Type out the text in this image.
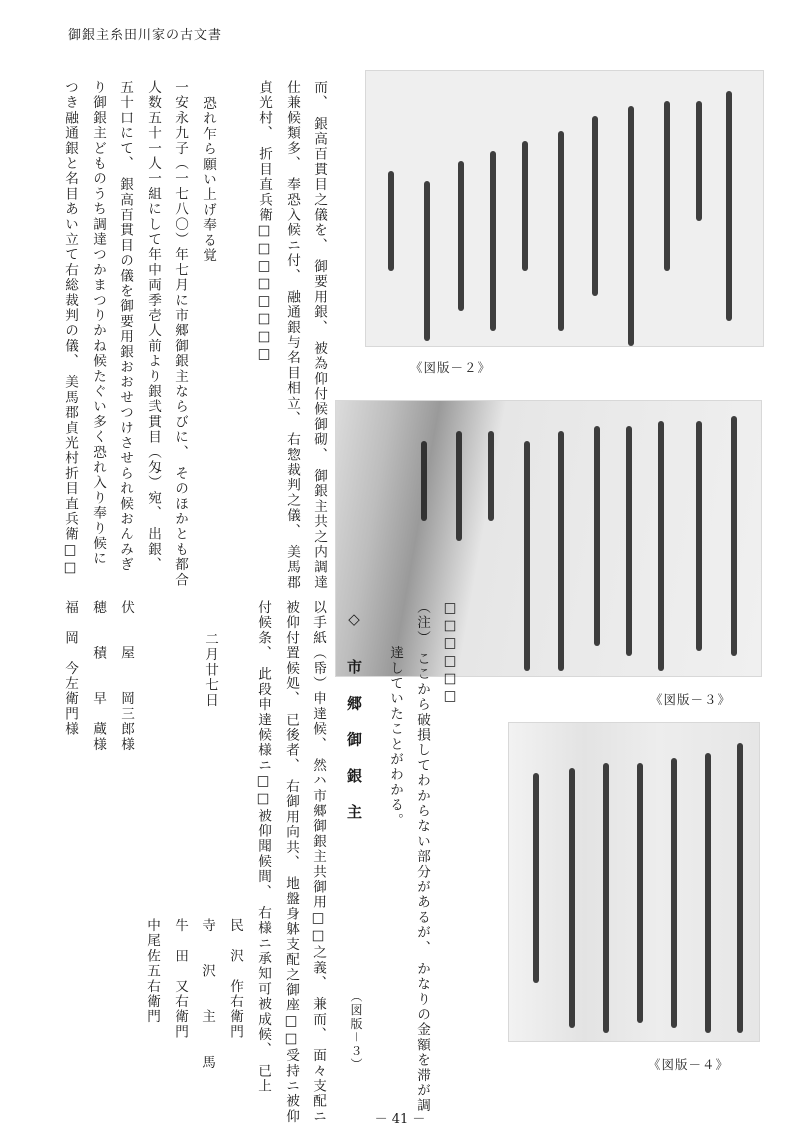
御銀主糸田川家の古文書
《図版－２》
《図版－３》
《図版－４》
而、 銀高百貫目之儀を、 御要用銀、 被為仰付候御砌、 御銀主共之内調達
仕兼候類多、 奉恐入候ニ付、 融通銀与名目相立、 右惣裁判之儀、 美馬郡
貞光村、 折目直兵衛□□□□□□□□
恐れ乍ら願い上げ奉る覚
一安永九子（一七八〇）年七月に市郷御銀主ならびに、 そのほかとも都合
人数五十一人一組にして年中両季壱人前より銀弐貫目（匁）宛、 出銀、
五十口にて、 銀高百貫目の儀を御要用銀おおせつけさせられ候おんみぎ
り御銀主どものうち調達つかまつりかね候たぐい多く恐れ入り奉り候に
つき融通銀と名目あい立て右総裁判の儀、 美馬郡貞光村折目直兵衛□□
二月廿七日
伏　　屋　　岡三郎様
穂　　積　　早　蔵様
福　岡　今左衛門様	□□□□□□
（注） ここから破損してわからない部分があるが、 かなりの金額を滞が調
　　　達していたことがわかる。
◇　市 郷 御 銀 主
（図版－３）
以手紙（帋）申達候、 然ハ市郷御銀主共御用□□之義、 兼而、 面々支配ニ
被仰付置候処、 已後者、 右御用向共、 地盤身躰支配之御座□□受持ニ被仰
付候条、 此段申達候様ニ□□被仰聞候間、 右様ニ承知可被成候、 已上
民　沢　作右衛門
寺　　沢　　主　　馬
牛　田　又右衛門
中尾佐五右衛門
－ 41 －
